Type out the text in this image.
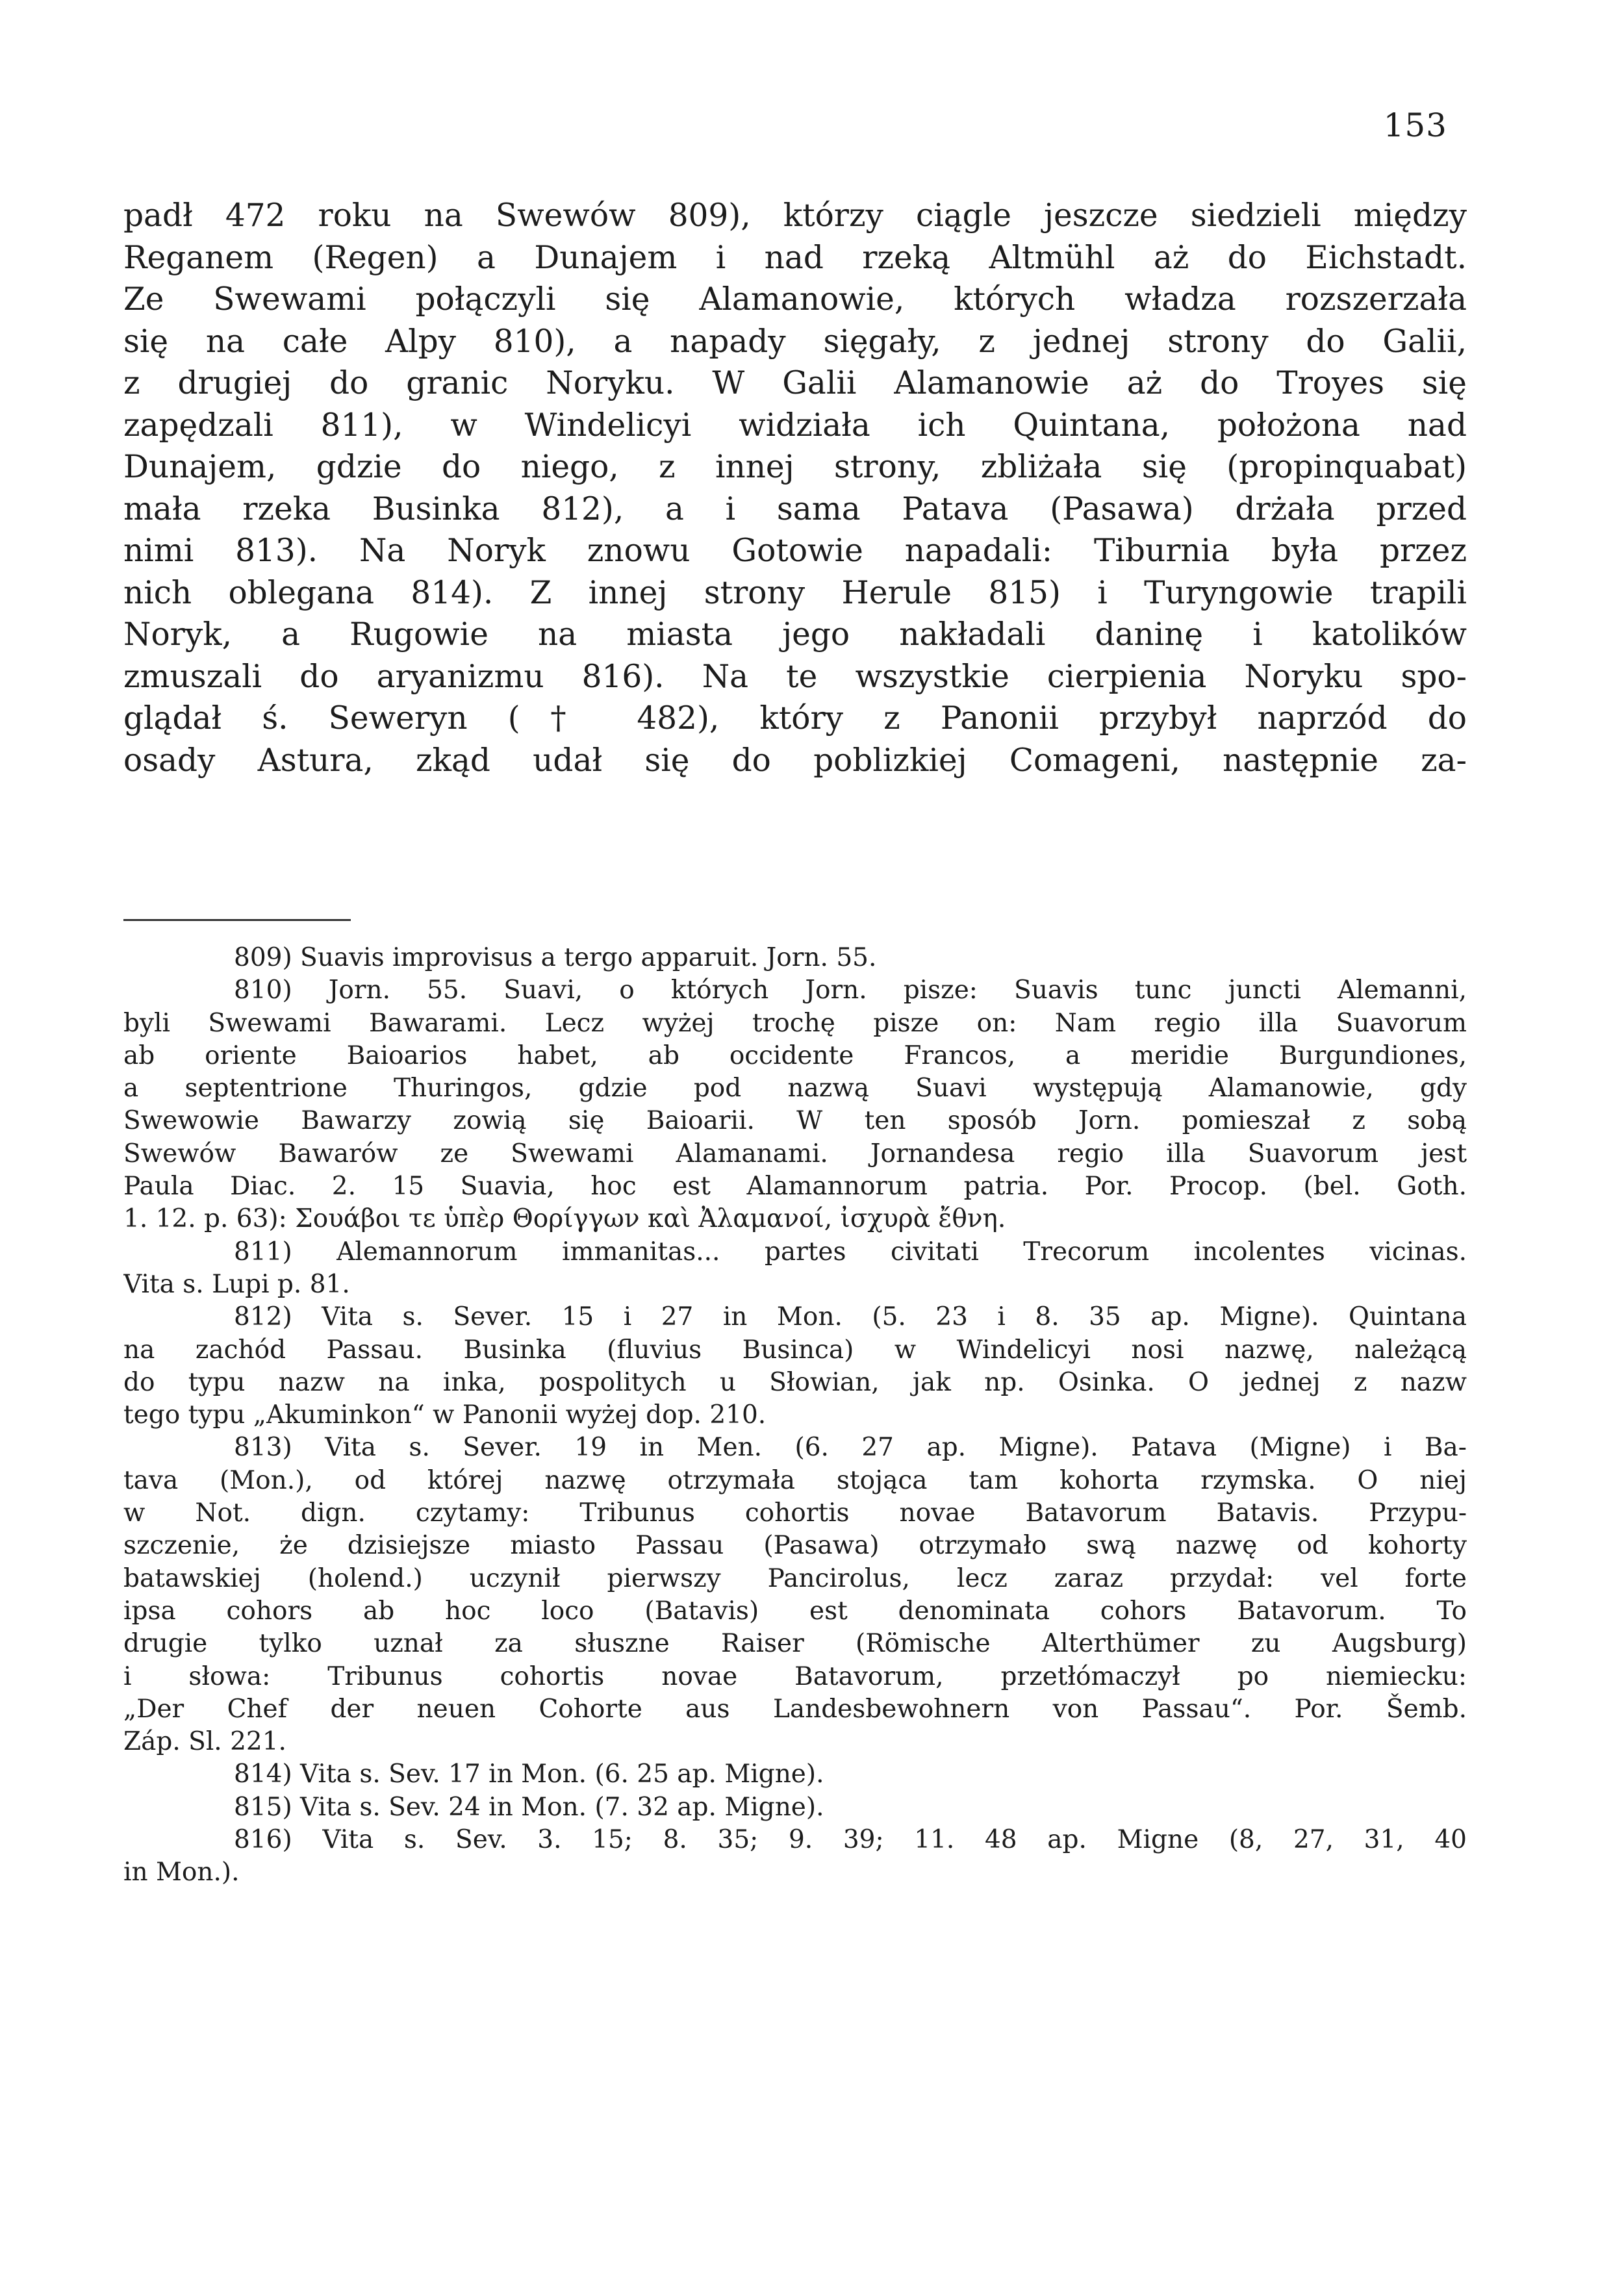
153
padł 472 roku na Swewów 809), którzy ciągle jeszcze siedzieli między
Reganem (Regen) a Dunajem i nad rzeką Altmühl aż do Eichstadt.
Ze Swewami połączyli się Alamanowie, których władza rozszerzała
się na całe Alpy 810), a napady sięgały, z jednej strony do Galii,
z drugiej do granic Noryku. W Galii Alamanowie aż do Troyes się
zapędzali 811), w Windelicyi widziała ich Quintana, położona nad
Dunajem, gdzie do niego, z innej strony, zbliżała się (propinquabat)
mała rzeka Businka 812), a i sama Patava (Pasawa) drżała przed
nimi 813). Na Noryk znowu Gotowie napadali: Tiburnia była przez
nich oblegana 814). Z innej strony Herule 815) i Turyngowie trapili
Noryk, a Rugowie na miasta jego nakładali daninę i katolików
zmuszali do aryanizmu 816). Na te wszystkie cierpienia Noryku spo-
glądał ś. Seweryn († 482), który z Panonii przybył naprzód do
osady Astura, zkąd udał się do poblizkiej Comageni, następnie za-
809) Suavis improvisus a tergo apparuit. Jorn. 55.
810) Jorn. 55. Suavi, o których Jorn. pisze: Suavis tunc juncti Alemanni,
byli Swewami Bawarami. Lecz wyżej trochę pisze on: Nam regio illa Suavorum
ab oriente Baioarios habet, ab occidente Francos, a meridie Burgundiones,
a septentrione Thuringos, gdzie pod nazwą Suavi występują Alamanowie, gdy
Swewowie Bawarzy zowią się Baioarii. W ten sposób Jorn. pomieszał z sobą
Swewów Bawarów ze Swewami Alamanami. Jornandesa regio illa Suavorum jest
Paula Diac. 2. 15 Suavia, hoc est Alamannorum patria. Por. Procop. (bel. Goth.
1. 12. p. 63): Σουάβοι τε ὑπὲρ Θορίγγων καὶ Ἀλαμανοί, ἰσχυρὰ ἔθνη.
811) Alemannorum immanitas... partes civitati Trecorum incolentes vicinas.
Vita s. Lupi p. 81.
812) Vita s. Sever. 15 i 27 in Mon. (5. 23 i 8. 35 ap. Migne). Quintana
na zachód Passau. Businka (fluvius Businca) w Windelicyi nosi nazwę, należącą
do typu nazw na inka, pospolitych u Słowian, jak np. Osinka. O jednej z nazw
tego typu „Akuminkon“ w Panonii wyżej dop. 210.
813) Vita s. Sever. 19 in Men. (6. 27 ap. Migne). Patava (Migne) i Ba-
tava (Mon.), od której nazwę otrzymała stojąca tam kohorta rzymska. O niej
w Not. dign. czytamy: Tribunus cohortis novae Batavorum Batavis. Przypu-
szczenie, że dzisiejsze miasto Passau (Pasawa) otrzymało swą nazwę od kohorty
batawskiej (holend.) uczynił pierwszy Pancirolus, lecz zaraz przydał: vel forte
ipsa cohors ab hoc loco (Batavis) est denominata cohors Batavorum. To
drugie tylko uznał za słuszne Raiser (Römische Alterthümer zu Augsburg)
i słowa: Tribunus cohortis novae Batavorum, przetłómaczył po niemiecku:
„Der Chef der neuen Cohorte aus Landesbewohnern von Passau“. Por. Šemb.
Záp. Sl. 221.
814) Vita s. Sev. 17 in Mon. (6. 25 ap. Migne).
815) Vita s. Sev. 24 in Mon. (7. 32 ap. Migne).
816) Vita s. Sev. 3. 15; 8. 35; 9. 39; 11. 48 ap. Migne (8, 27, 31, 40
in Mon.).
